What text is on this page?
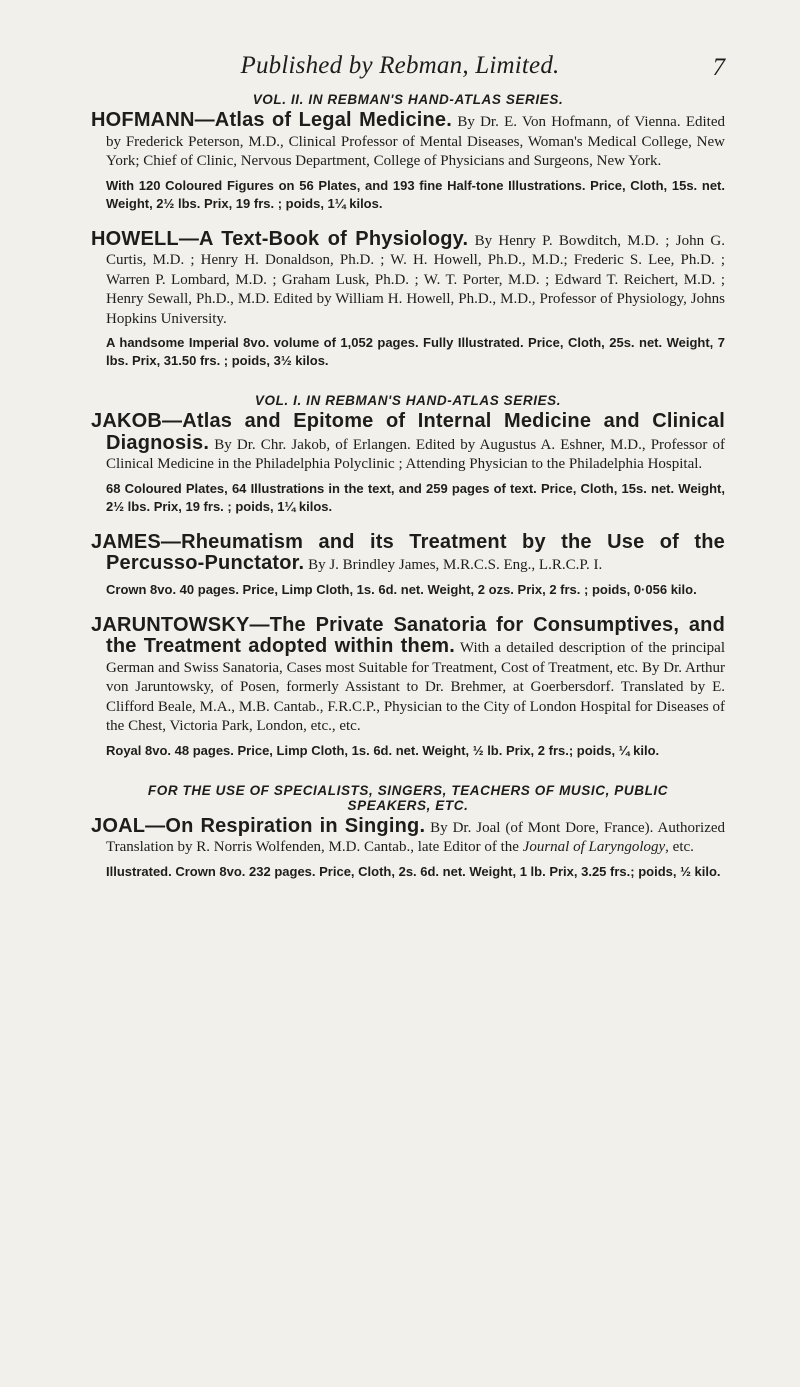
Published by Rebman, Limited.	7
VOL. II. IN REBMAN'S HAND-ATLAS SERIES.

HOFMANN—Atlas of Legal Medicine. By Dr. E. Von Hofmann, of Vienna. Edited by Frederick Peterson, M.D., Clinical Professor of Mental Diseases, Woman's Medical College, New York; Chief of Clinic, Nervous Department, College of Physicians and Surgeons, New York.

With 120 Coloured Figures on 56 Plates, and 193 fine Half-tone Illustrations. Price, Cloth, 15s. net. Weight, 2½ lbs. Prix, 19 frs. ; poids, 1¼ kilos.

HOWELL—A Text-Book of Physiology. By Henry P. Bowditch, M.D. ; John G. Curtis, M.D. ; Henry H. Donaldson, Ph.D. ; W. H. Howell, Ph.D., M.D.; Frederic S. Lee, Ph.D. ; Warren P. Lombard, M.D. ; Graham Lusk, Ph.D. ; W. T. Porter, M.D. ; Edward T. Reichert, M.D. ; Henry Sewall, Ph.D., M.D. Edited by William H. Howell, Ph.D., M.D., Professor of Physiology, Johns Hopkins University.

A handsome Imperial 8vo. volume of 1,052 pages. Fully Illustrated. Price, Cloth, 25s. net. Weight, 7 lbs. Prix, 31.50 frs. ; poids, 3½ kilos.
VOL. I. IN REBMAN'S HAND-ATLAS SERIES.

JAKOB—Atlas and Epitome of Internal Medicine and Clinical Diagnosis. By Dr. Chr. Jakob, of Erlangen. Edited by Augustus A. Eshner, M.D., Professor of Clinical Medicine in the Philadelphia Polyclinic ; Attending Physician to the Philadelphia Hospital.

68 Coloured Plates, 64 Illustrations in the text, and 259 pages of text. Price, Cloth, 15s. net. Weight, 2½ lbs. Prix, 19 frs. ; poids, 1¼ kilos.

JAMES—Rheumatism and its Treatment by the Use of the Percusso-Punctator. By J. Brindley James, M.R.C.S. Eng., L.R.C.P. I.

Crown 8vo. 40 pages. Price, Limp Cloth, 1s. 6d. net. Weight, 2 ozs. Prix, 2 frs. ; poids, 0·056 kilo.

JARUNTOWSKY—The Private Sanatoria for Consumptives, and the Treatment adopted within them. With a detailed description of the principal German and Swiss Sanatoria, Cases most Suitable for Treatment, Cost of Treatment, etc. By Dr. Arthur von Jaruntowsky, of Posen, formerly Assistant to Dr. Brehmer, at Goerbersdorf. Translated by E. Clifford Beale, M.A., M.B. Cantab., F.R.C.P., Physician to the City of London Hospital for Diseases of the Chest, Victoria Park, London, etc., etc.

Royal 8vo. 48 pages. Price, Limp Cloth, 1s. 6d. net. Weight, ½ lb. Prix, 2 frs.; poids, ¼ kilo.
FOR THE USE OF SPECIALISTS, SINGERS, TEACHERS OF MUSIC, PUBLIC SPEAKERS, ETC.

JOAL—On Respiration in Singing. By Dr. Joal (of Mont Dore, France). Authorized Translation by R. Norris Wolfenden, M.D. Cantab., late Editor of the Journal of Laryngology, etc.

Illustrated. Crown 8vo. 232 pages. Price, Cloth, 2s. 6d. net. Weight, 1 lb. Prix, 3.25 frs.; poids, ½ kilo.
